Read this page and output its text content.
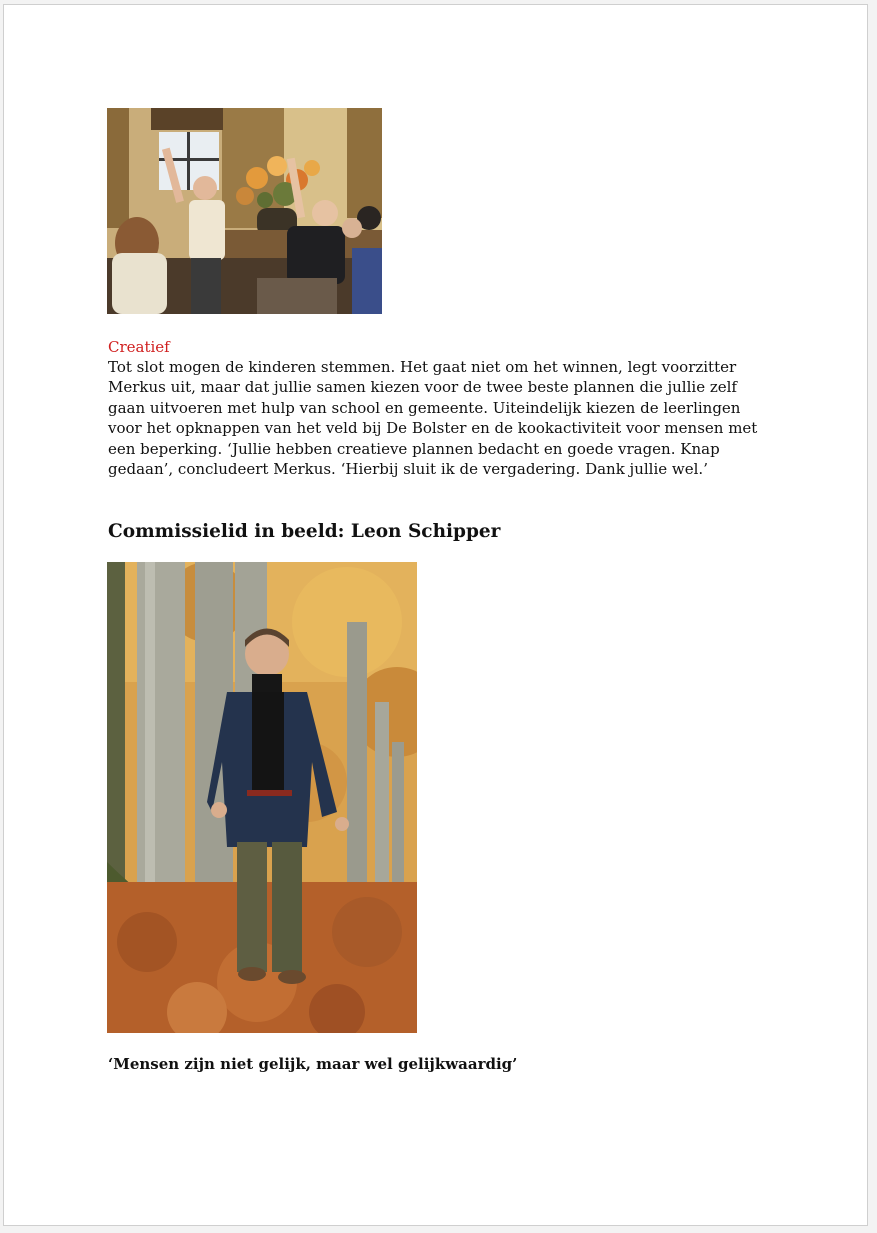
Creatief

Tot slot mogen de kinderen stemmen. Het gaat niet om het winnen, legt voorzitter Merkus uit, maar dat jullie samen kiezen voor de twee beste plannen die jullie zelf gaan uitvoeren met hulp van school en gemeente. Uiteindelijk kiezen de leerlingen voor het opknappen van het veld bij De Bolster en de kookactiviteit voor mensen met een beperking. ‘Jullie hebben creatieve plannen bedacht en goede vragen. Knap gedaan’, concludeert Merkus. ‘Hierbij sluit ik de vergadering. Dank jullie wel.’

Commissielid in beeld: Leon Schipper

‘Mensen zijn niet gelijk, maar wel gelijkwaardig’
